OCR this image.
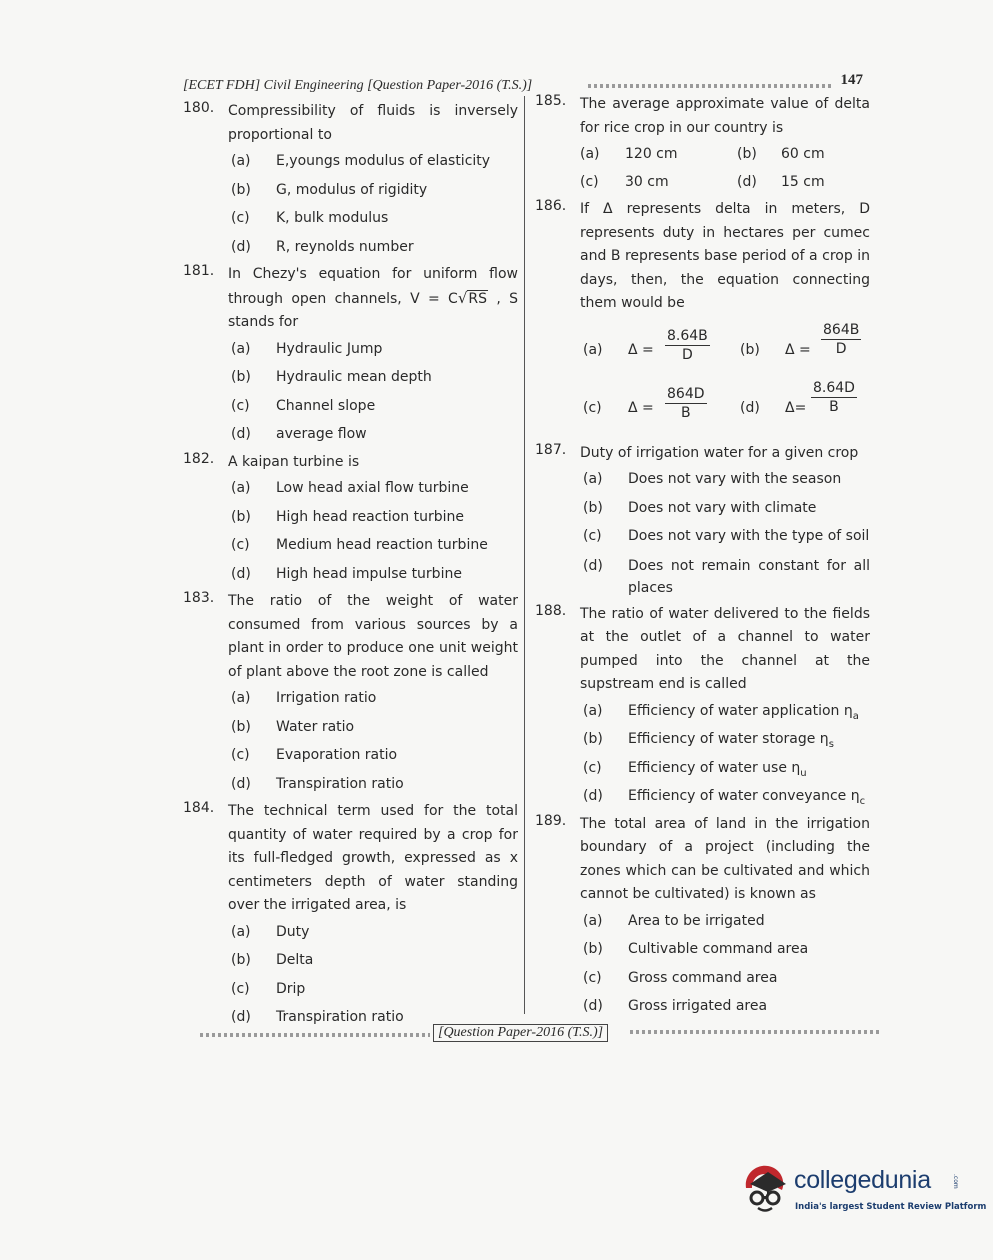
[ECET FDH] Civil Engineering [Question Paper-2016 (T.S.)]	147
180. Compressibility of fluids is inversely proportional to
(a) E,youngs modulus of elasticity
(b) G, modulus of rigidity
(c) K, bulk modulus
(d) R, reynolds number
181. In Chezy's equation for uniform flow through open channels, V = C√RS , S stands for
(a) Hydraulic Jump
(b) Hydraulic mean depth
(c) Channel slope
(d) average flow
182. A kaipan turbine is
(a) Low head axial flow turbine
(b) High head reaction turbine
(c) Medium head reaction turbine
(d) High head impulse turbine
183. The ratio of the weight of water consumed from various sources by a plant in order to produce one unit weight of plant above the root zone is called
(a) Irrigation ratio
(b) Water ratio
(c) Evaporation ratio
(d) Transpiration ratio
184. The technical term used for the total quantity of water required by a crop for its full-fledged growth, expressed as x centimeters depth of water standing over the irrigated area, is
(a) Duty
(b) Delta
(c) Drip
(d) Transpiration ratio
185. The average approximate value of delta for rice crop in our country is
(a) 120 cm	(b) 60 cm
(c) 30 cm	(d) 15 cm
186. If Δ represents delta in meters, D represents duty in hectares per cumec and B represents base period of a crop in days, then, the equation connecting them would be
(a) $\Delta = \frac{8.64B}{D} (b) \Delta = \frac{864B}{D}$
(c) $\Delta = \frac{864D}{B} (d)$ $\Delta= \frac{8.64D}{B}$
187. Duty of irrigation water for a given crop
(a) Does not vary with the season
(b) Does not vary with climate
(c) Does not vary with the type of soil
(d) Does not remain constant for all places
188. The ratio of water delivered to the fields at the outlet of a channel to water pumped into the channel at the supstream end is called
(a) Efficiency of water application $\eta_a$
(b) Efficiency of water storage $\eta_s$
(c) Efficiency of water use $\eta_u$
(d) Efficiency of water conveyance $\eta_c$
189. The total area of land in the irrigation boundary of a project (including the zones which can be cultivated and which cannot be cultivated) is known as
(a) Area to be irrigated
(b) Cultivable command area
(c) Gross command area
(d) Gross irrigated area
[Question Paper-2016 (T.S.)]
collegedunia	.com
India's largest Student Review Platform
